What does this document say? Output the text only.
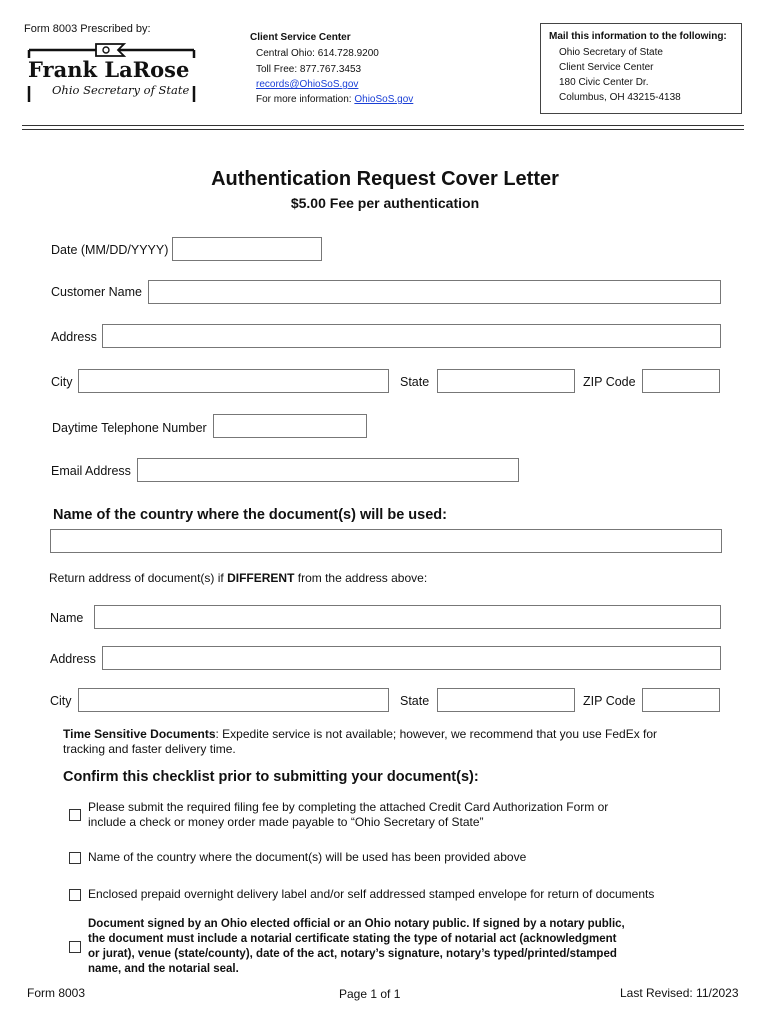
Form 8003 Prescribed by:
Frank LaRose
Ohio Secretary of State
Client Service Center
Central Ohio: 614.728.9200
Toll Free: 877.767.3453
records@OhioSoS.gov
For more information: OhioSoS.gov
Mail this information to the following:
Ohio Secretary of State
Client Service Center
180 Civic Center Dr.
Columbus, OH 43215-4138
Authentication Request Cover Letter
$5.00 Fee per authentication
Date (MM/DD/YYYY)
Customer Name
Address
City	State	ZIP Code
Daytime Telephone Number
Email Address
Name of the country where the document(s) will be used:
Return address of document(s) if DIFFERENT from the address above:
Name
Address
City	State	ZIP Code
Time Sensitive Documents: Expedite service is not available; however, we recommend that you use FedEx for
tracking and faster delivery time.
Confirm this checklist prior to submitting your document(s):
Please submit the required filing fee by completing the attached Credit Card Authorization Form or
include a check or money order made payable to “Ohio Secretary of State”
Name of the country where the document(s) will be used has been provided above
Enclosed prepaid overnight delivery label and/or self addressed stamped envelope for return of documents
Document signed by an Ohio elected official or an Ohio notary public. If signed by a notary public,
the document must include a notarial certificate stating the type of notarial act (acknowledgment
or jurat), venue (state/county), date of the act, notary’s signature, notary’s typed/printed/stamped
name, and the notarial seal.
Form 8003	Page 1 of 1	Last Revised: 11/2023
